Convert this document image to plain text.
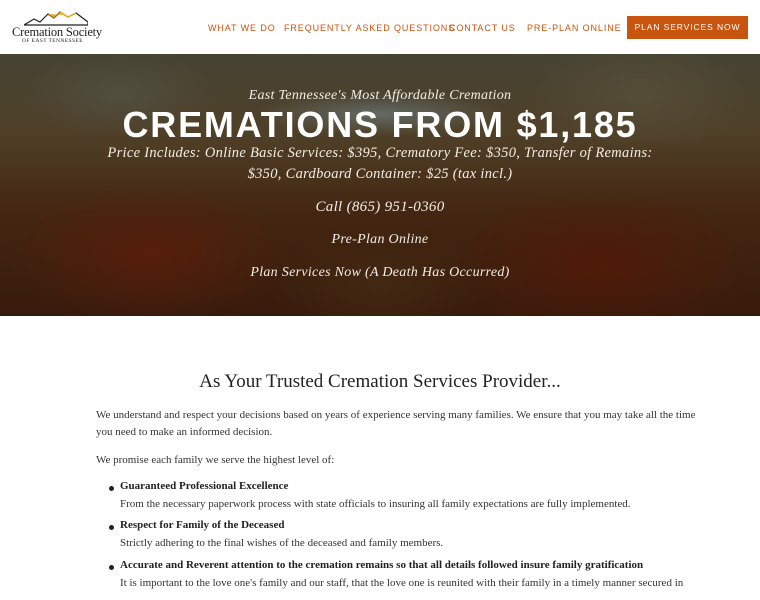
Cremation Society
OF EAST TENNESSEE
WHAT WE DO FREQUENTLY ASKED QUESTIONS
CONTACT US PRE-PLAN ONLINE	PLAN SERVICES NOW
East Tennessee's Most Affordable Cremation
CREMATIONS FROM $1,185
Price Includes: Online Basic Services: $395, Crematory Fee: $350, Transfer of Remains:
$350, Cardboard Container: $25 (tax incl.)
Call (865) 951-0360
Pre-Plan Online
Plan Services Now (A Death Has Occurred)
As Your Trusted Cremation Services Provider...
We understand and respect your decisions based on years of experience serving many families. We ensure that you may take all the time
you need to make an informed decision.
We promise each family we serve the highest level of:
Guaranteed Professional Excellence
From the necessary paperwork process with state officials to insuring all family expectations are fully implemented.
Respect for Family of the Deceased
Strictly adhering to the final wishes of the deceased and family members.
Accurate and Reverent attention to the cremation remains so that all details followed insure family gratification
It is important to the love one's family and our staff, that the love one is reunited with their family in a timely manner secured in
